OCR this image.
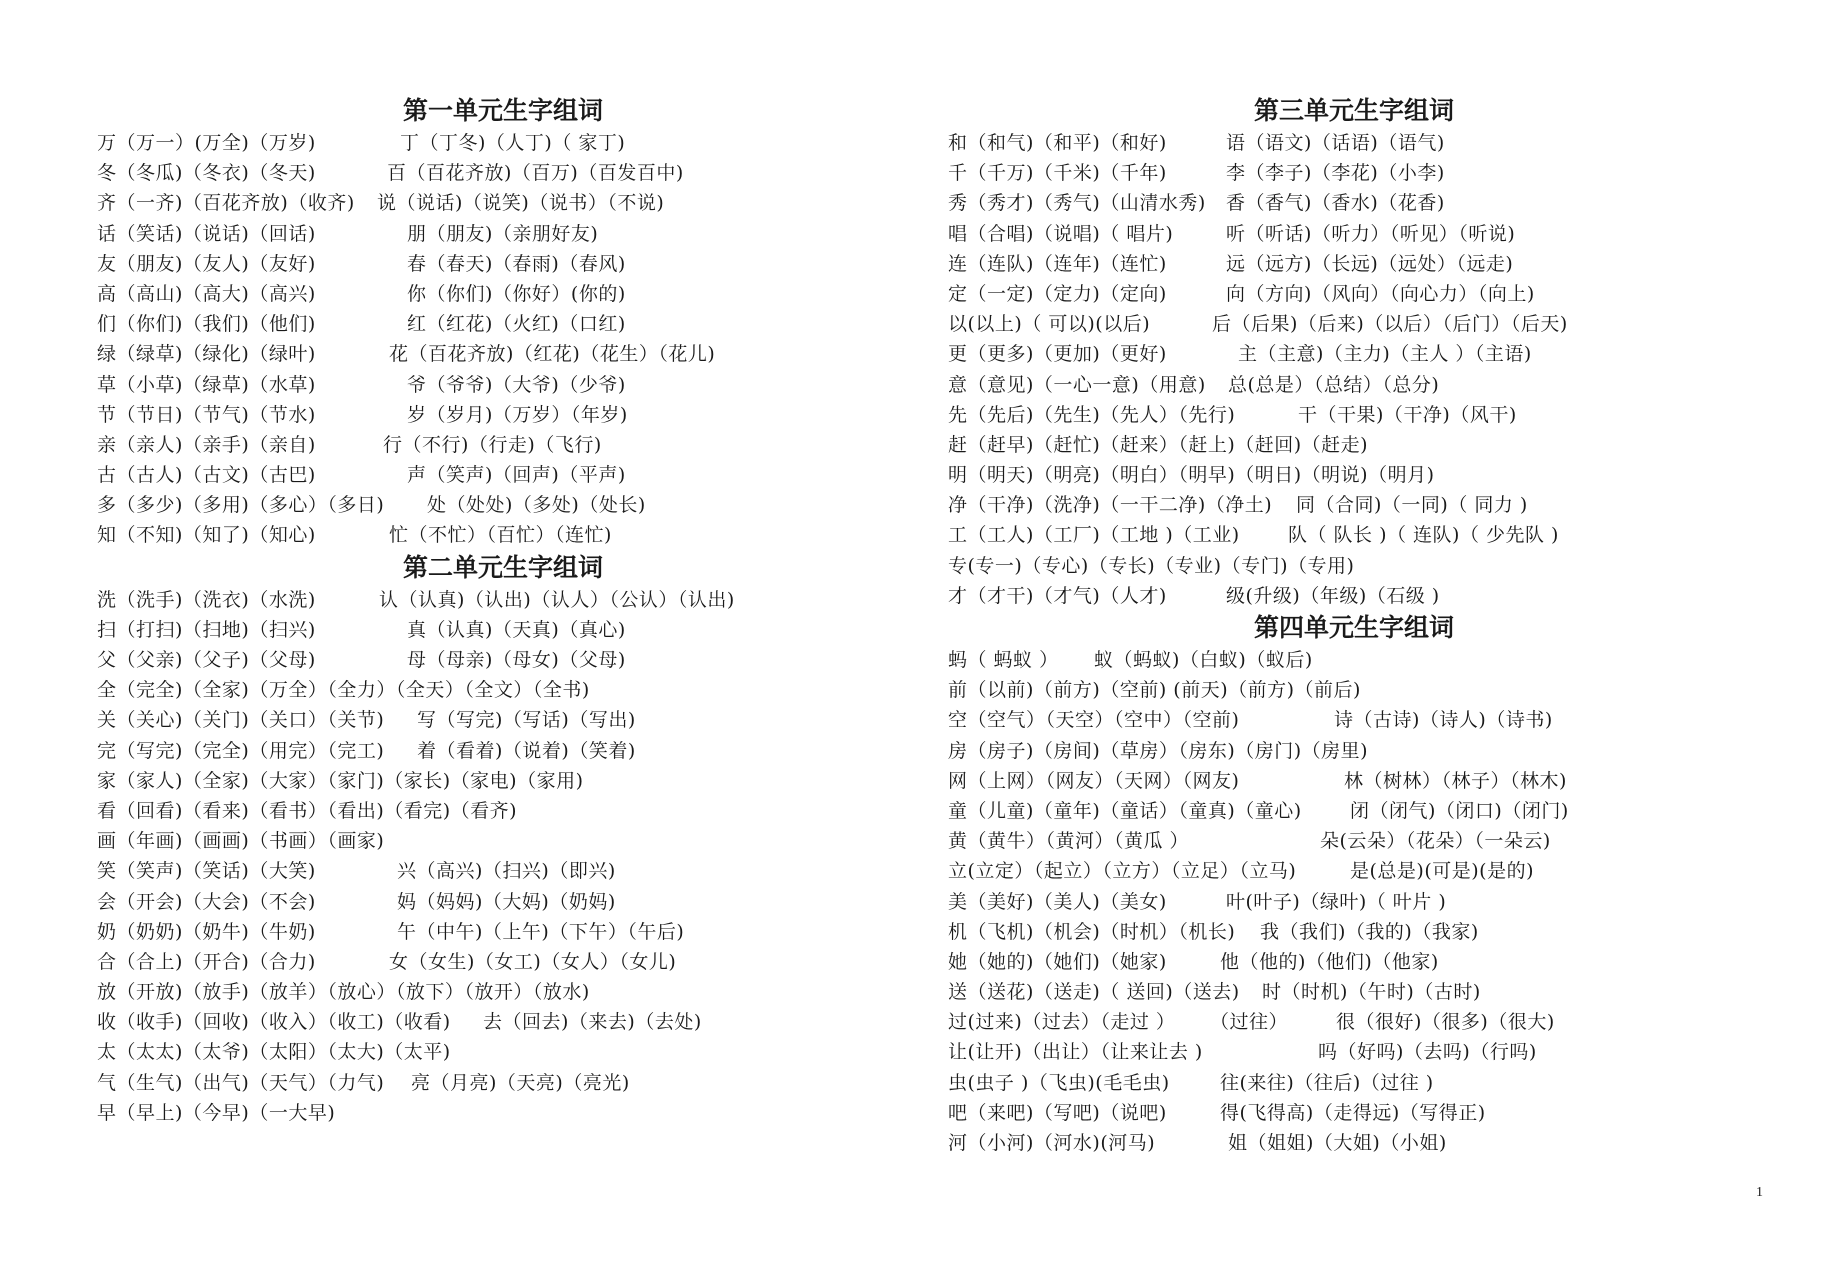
第一单元生字组词
万（万一）(万全)（万岁)	丁（丁冬)（人丁)（ 家丁)
冬（冬瓜)（冬衣)（冬天)	百（百花齐放)（百万)（百发百中)
齐（一齐)（百花齐放)（收齐) 说（说话)（说笑)（说书）（不说)
话（笑话)（说话)（回话)	朋（朋友)（亲朋好友)
友（朋友)（友人)（友好)	春（春天)（春雨)（春风)
高（高山)（高大)（高兴)	你（你们)（你好）(你的)
们（你们)（我们)（他们)	红（红花)（火红)（口红)
绿（绿草)（绿化)（绿叶)	花（百花齐放)（红花)（花生）（花儿)
草（小草)（绿草)（水草)	爷（爷爷)（大爷)（少爷)
节（节日)（节气)（节水)	岁（岁月)（万岁）（年岁)
亲（亲人)（亲手)（亲自)	行（不行)（行走)（飞行)
古（古人)（古文)（古巴)	声（笑声)（回声)（平声)
多（多少)（多用)（多心）（多日) 处（处处)（多处)（处长)
知（不知)（知了)（知心)	忙（不忙）（百忙）（连忙)
第二单元生字组词
洗（洗手)（洗衣)（水洗)	认（认真)（认出)（认人）（公认）（认出)
扫（打扫)（扫地)（扫兴)	真（认真)（天真)（真心)
父（父亲)（父子)（父母)	母（母亲)（母女)（父母)
全（完全)（全家)（万全）（全力）（全天）（全文）（全书)
关（关心)（关门)（关口）（关节) 写（写完)（写话)（写出)
完（写完)（完全)（用完）（完工) 着（看着)（说着)（笑着)
家（家人)（全家)（大家）（家门)（家长)（家电)（家用)
看（回看)（看来)（看书）（看出)（看完)（看齐)
画（年画)（画画)（书画）（画家)
笑（笑声)（笑话)（大笑)	兴（高兴)（扫兴)（即兴)
会（开会)（大会)（不会)	妈（妈妈)（大妈)（奶妈)
奶（奶奶)（奶牛)（牛奶)	午（中午)（上午)（下午）（午后)
合（合上)（开合)（合力)	女（女生)（女工)（女人）（女儿)
放（开放)（放手)（放羊）（放心）（放下）（放开）（放水)
收（收手)（回收)（收入）（收工)（收看) 去（回去)（来去)（去处)
太（太太)（太爷)（太阳）（太大)（太平)
气（生气)（出气)（天气）（力气) 亮（月亮)（天亮)（亮光)
早（早上)（今早)（一大早)
第三单元生字组词
和（和气)（和平)（和好)	语（语文)（话语)（语气)
千（千万)（千米)（千年)	李（李子)（李花)（小李)
秀（秀才)（秀气)（山清水秀) 香（香气)（香水)（花香)
唱（合唱)（说唱)（ 唱片)	听（听话)（听力）（听见）（听说)
连（连队)（连年)（连忙)	远（远方)（长远)（远处）（远走)
定（一定)（定力)（定向)	向（方向)（风向）（向心力）（向上)
以(以上)（ 可以)(以后)	后（后果)（后来)（以后）（后门）（后天)
更（更多)（更加)（更好)	主（主意)（主力)（主人 ）（主语)
意（意见)（一心一意)（用意) 总(总是）（总结）（总分)
先（先后)（先生)（先人）（先行)	干（干果)（干净)（风干)
赶（赶早)（赶忙)（赶来）（赶上)（赶回)（赶走)
明（明天)（明亮)（明白）（明早)（明日)（明说)（明月)
净（干净)（洗净)（一干二净)（净土) 同（合同)（一同)（ 同力 )
工（工人)（工厂)（工地 )（工业)	队（ 队长 )（ 连队)（ 少先队 )
专(专一)（专心)（专长)（专业)（专门)（专用)
才（才干)（才气)（人才)	级(升级)（年级)（石级 )
第四单元生字组词
蚂（ 蚂蚁 ） 蚁（蚂蚁)（白蚁)（蚁后)
前（以前)（前方)（空前) (前天)（前方)（前后)
空（空气）（天空）（空中）（空前)	诗（古诗)（诗人)（诗书)
房（房子)（房间)（草房）（房东)（房门)（房里)
网（上网）（网友）（天网）（网友)	林（树林）（林子）（林木)
童（儿童)（童年)（童话）（童真)（童心)	闭（闭气)（闭口)（闭门)
黄（黄牛）（黄河）（黄瓜 ）	朵(云朵）（花朵）（一朵云)
立(立定）（起立）（立方）（立足）（立马)	是(总是)(可是)(是的)
美（美好)（美人)（美女)	叶(叶子)（绿叶)（ 叶片 )
机（飞机)（机会)（时机）（机长) 我（我们)（我的)（我家)
她（她的)（她们)（她家)	他（他的)（他们)（他家)
送（送花)（送走)（ 送回)（送去) 时（时机)（午时)（古时)
过(过来)（过去）（走过 ） （过往）	很（很好)（很多)（很大)
让(让开)（出让）（让来让去 )	吗（好吗)（去吗)（行吗)
虫(虫子 )（飞虫)(毛毛虫)	往(来往)（往后)（过往 )
吧（来吧)（写吧)（说吧)	得(飞得高)（走得远)（写得正)
河（小河)（河水)(河马)	姐（姐姐)（大姐)（小姐)
1
